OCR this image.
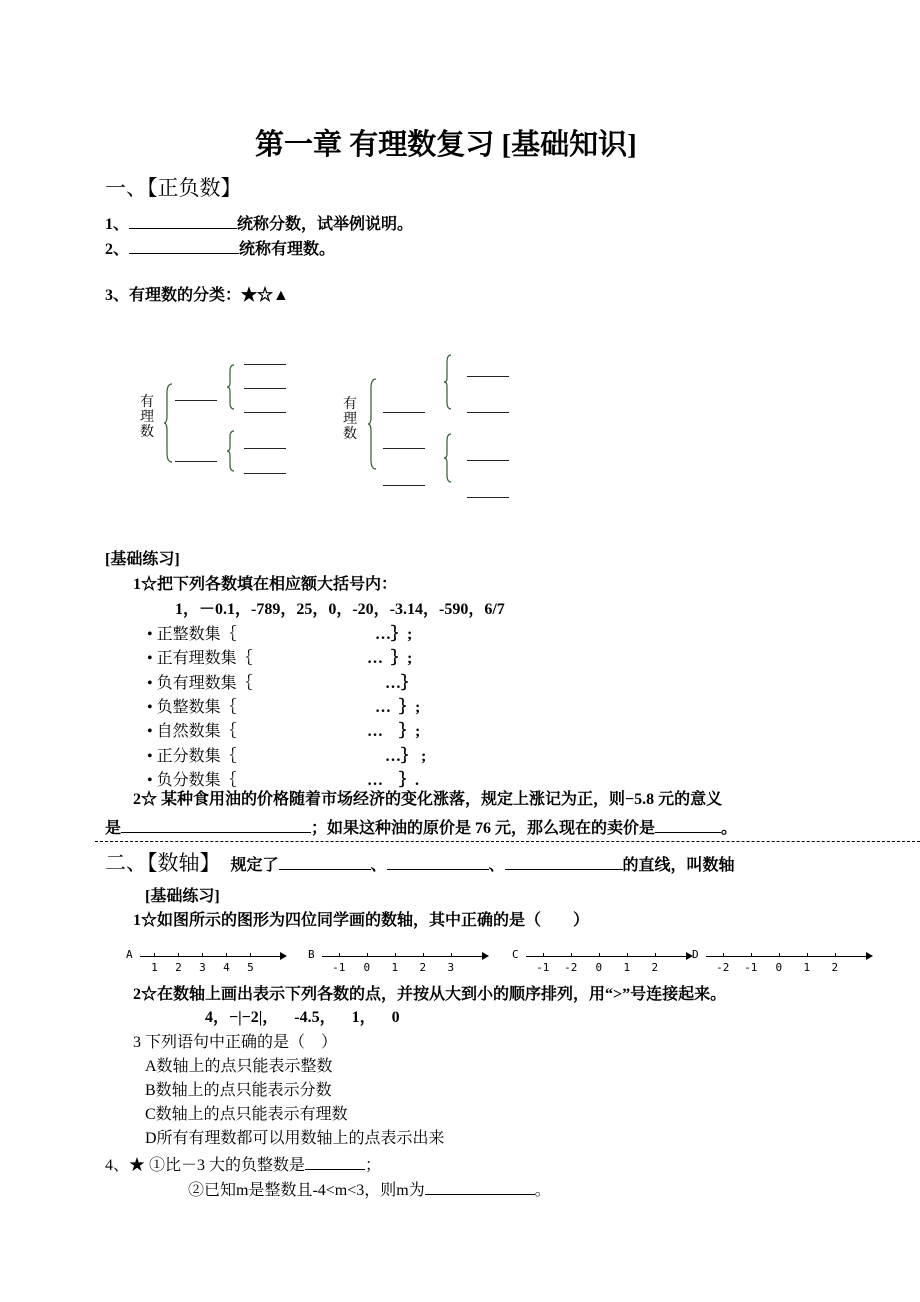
第一章 有理数复习 [基础知识]
一、【正负数】
1、	统称分数，试举例说明。
2、	统称有理数。
3、有理数的分类：★☆▲
有理数
有理数
[基础练习]
1☆把下列各数填在相应额大括号内：
1，－0.1，-789，25，0，-20，-3.14，-590，6/7
• 正整数集｛	…｝;
• 正有理数集｛	…  ｝;
• 负有理数集｛	…｝
• 负整数集｛	…  ｝;
• 自然数集｛	…    ｝;
• 正分数集｛	…｝ ;
• 负分数集｛	…    ｝.
2☆ 某种食用油的价格随着市场经济的变化涨落，规定上涨记为正，则−5.8 元的意义
是	；如果这种油的原价是 76 元，那么现在的卖价是	。
二、【数轴】 规定了	、	、	的直线，叫数轴
[基础练习]
1☆如图所示的图形为四位同学画的数轴，其中正确的是（　　）
A
1 2 3 4 5
B
-1 0 1 2 3
C
-1 -2 0 1 2
D
-2 -1 0 1 2
2☆在数轴上画出表示下列各数的点，并按从大到小的顺序排列，用“>”号连接起来。
4，−|−2|，    -4.5，    1，    0
3 下列语句中正确的是（　）
A数轴上的点只能表示整数
B数轴上的点只能表示分数
C数轴上的点只能表示有理数
D所有有理数都可以用数轴上的点表示出来
4、★ ①比－3 大的负整数是	；
②已知m是整数且-4<m<3，则m为	。
